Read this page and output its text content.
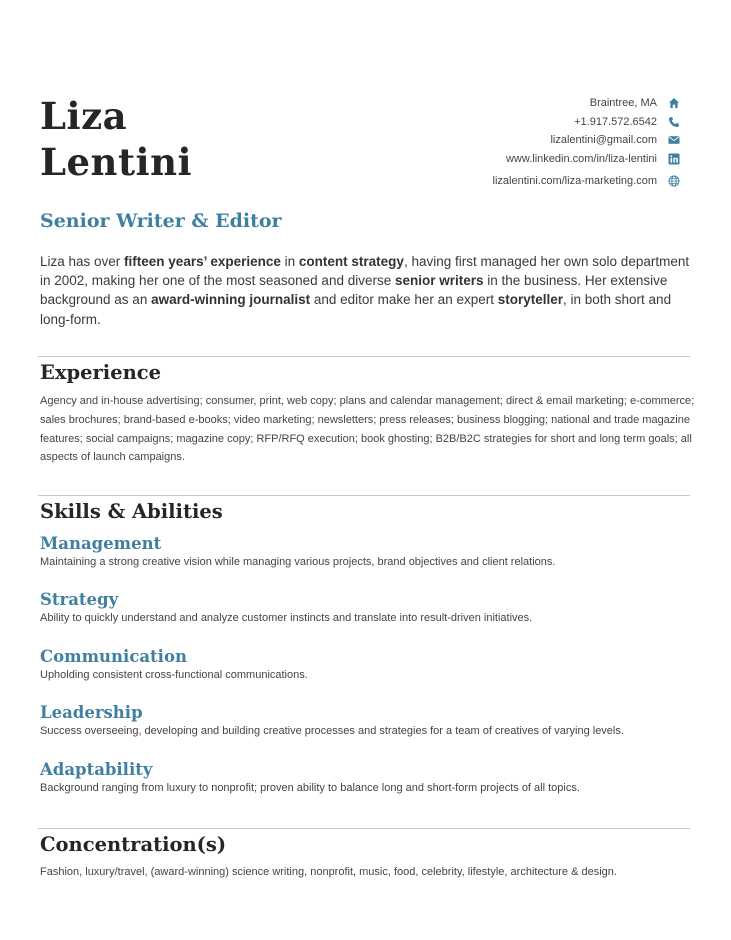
Liza
Lentini
Braintree, MA
+1.917.572.6542
lizalentini@gmail.com
www.linkedin.com/in/liza-lentini
lizalentini.com/liza-marketing.com
Senior Writer & Editor

Liza has over fifteen years’ experience in content strategy, having first managed her own solo department in 2002, making her one of the most seasoned and diverse senior writers in the business. Her extensive background as an award-winning journalist and editor make her an expert storyteller, in both short and long-form.

Experience

Agency and in-house advertising; consumer, print, web copy; plans and calendar management; direct & email marketing; e-commerce; sales brochures; brand-based e-books; video marketing; newsletters; press releases; business blogging; national and trade magazine features; social campaigns; magazine copy; RFP/RFQ execution; book ghosting; B2B/B2C strategies for short and long term goals; all aspects of launch campaigns.

Skills & Abilities
Management

Maintaining a strong creative vision while managing various projects, brand objectives and client relations.

Strategy

Ability to quickly understand and analyze customer instincts and translate into result-driven initiatives.

Communication

Upholding consistent cross-functional communications.

Leadership

Success overseeing, developing and building creative processes and strategies for a team of creatives of varying levels.

Adaptability

Background ranging from luxury to nonprofit; proven ability to balance long and short-form projects of all topics.

Concentration(s)

Fashion, luxury/travel, (award-winning) science writing, nonprofit, music, food, celebrity, lifestyle, architecture & design.
